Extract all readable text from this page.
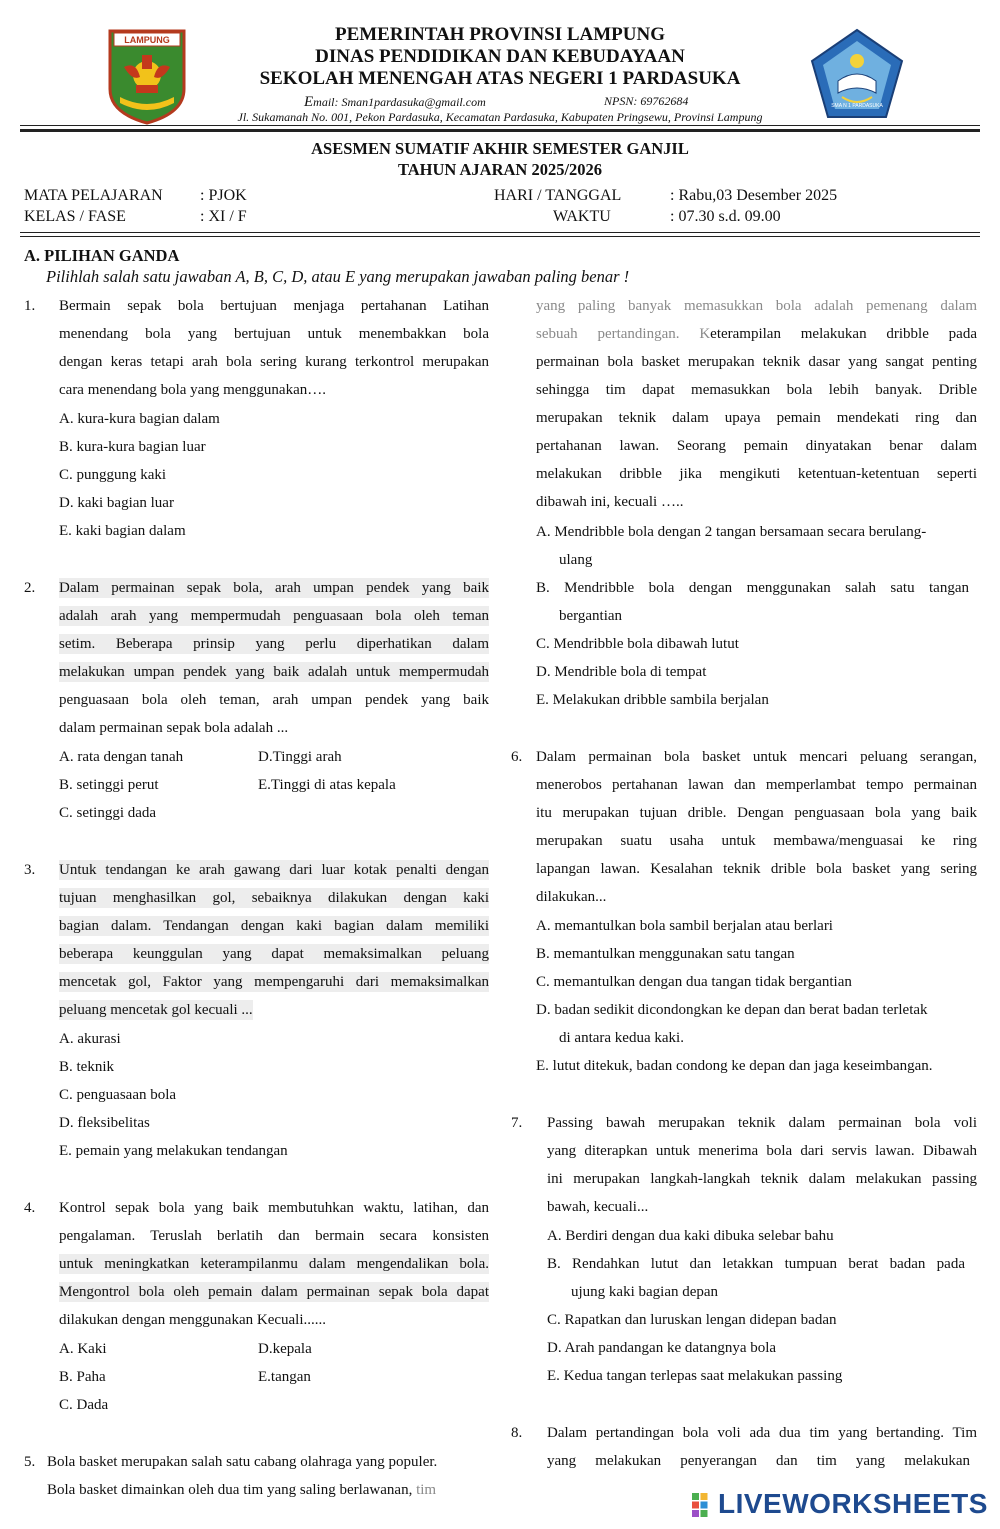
LAMPUNG
SMA N 1 PARDASUKA
PEMERINTAH PROVINSI LAMPUNG
DINAS PENDIDIKAN DAN KEBUDAYAAN
SEKOLAH MENENGAH ATAS NEGERI 1 PARDASUKA
Email: Sman1pardasuka@gmail.com	NPSN: 69762684
Jl. Sukamanah No. 001, Pekon Pardasuka, Kecamatan Pardasuka, Kabupaten Pringsewu, Provinsi Lampung
ASESMEN SUMATIF AKHIR SEMESTER GANJIL
TAHUN AJARAN 2025/2026
MATA PELAJARAN : PJOK
KELAS / FASE	: XI / F
HARI / TANGGAL	: Rabu,03 Desember 2025
WAKTU	: 07.30 s.d. 09.00
A. PILIHAN GANDA
Pilihlah salah satu jawaban A, B, C, D, atau E yang merupakan jawaban paling benar !
1. Bermain sepak bola bertujuan menjaga pertahanan Latihan
menendang bola yang bertujuan untuk menembakkan bola
dengan keras tetapi arah bola sering kurang terkontrol merupakan
cara menendang bola yang menggunakan….
A. kura-kura bagian dalam
B. kura-kura bagian luar
C. punggung kaki
D. kaki bagian luar
E. kaki bagian dalam
2. Dalam permainan sepak bola, arah umpan pendek yang baik
adalah arah yang mempermudah penguasaan bola oleh teman
setim. Beberapa prinsip yang perlu diperhatikan dalam
melakukan umpan pendek yang baik adalah untuk mempermudah
penguasaan bola oleh teman, arah umpan pendek yang baik
dalam permainan sepak bola adalah ...
A. rata dengan tanah	D.Tinggi arah
B. setinggi perut	E.Tinggi di atas kepala
C. setinggi dada
3. Untuk tendangan ke arah gawang dari luar kotak penalti dengan
tujuan menghasilkan gol, sebaiknya dilakukan dengan kaki
bagian dalam. Tendangan dengan kaki bagian dalam memiliki
beberapa keunggulan yang dapat memaksimalkan peluang
mencetak gol, Faktor yang mempengaruhi dari memaksimalkan
peluang mencetak gol kecuali ...
A. akurasi
B. teknik
C. penguasaan bola
D. fleksibelitas
E. pemain yang melakukan tendangan
4. Kontrol sepak bola yang baik membutuhkan waktu, latihan, dan
pengalaman. Teruslah berlatih dan bermain secara konsisten
untuk meningkatkan keterampilanmu dalam mengendalikan bola.
Mengontrol bola oleh pemain dalam permainan sepak bola dapat
dilakukan dengan menggunakan Kecuali......
A. Kaki	D.kepala
B. Paha	E.tangan
C. Dada
5. Bola basket merupakan salah satu cabang olahraga yang populer.
Bola basket dimainkan oleh dua tim yang saling berlawanan, tim
yang paling banyak memasukkan bola adalah pemenang dalam
sebuah pertandingan. Keterampilan melakukan dribble pada
permainan bola basket merupakan teknik dasar yang sangat penting
sehingga tim dapat memasukkan bola lebih banyak. Drible
merupakan teknik dalam upaya pemain mendekati ring dan
pertahanan lawan. Seorang pemain dinyatakan benar dalam
melakukan dribble jika mengikuti ketentuan-ketentuan seperti
dibawah ini, kecuali …..
A. Mendribble bola dengan 2 tangan bersamaan secara berulang-
ulang
B. Mendribble bola dengan menggunakan salah satu tangan
bergantian
C. Mendribble bola dibawah lutut
D. Mendrible bola di tempat
E. Melakukan dribble sambila berjalan
6. Dalam permainan bola basket untuk mencari peluang serangan,
menerobos pertahanan lawan dan memperlambat tempo permainan
itu merupakan tujuan drible. Dengan penguasaan bola yang baik
merupakan suatu usaha untuk membawa/menguasai ke ring
lapangan lawan. Kesalahan teknik drible bola basket yang sering
dilakukan...
A. memantulkan bola sambil berjalan atau berlari
B. memantulkan menggunakan satu tangan
C. memantulkan dengan dua tangan tidak bergantian
D. badan sedikit dicondongkan ke depan dan berat badan terletak
di antara kedua kaki.
E. lutut ditekuk, badan condong ke depan dan jaga keseimbangan.
7. Passing bawah merupakan teknik dalam permainan bola voli
yang diterapkan untuk menerima bola dari servis lawan. Dibawah
ini merupakan langkah-langkah teknik dalam melakukan passing
bawah, kecuali...
A. Berdiri dengan dua kaki dibuka selebar bahu
B. Rendahkan lutut dan letakkan tumpuan berat badan pada
ujung kaki bagian depan
C. Rapatkan dan luruskan lengan didepan badan
D. Arah pandangan ke datangnya bola
E. Kedua tangan terlepas saat melakukan passing
8. Dalam pertandingan bola voli ada dua tim yang bertanding. Tim
yang melakukan penyerangan dan tim yang melakukan
LIVEWORKSHEETS
